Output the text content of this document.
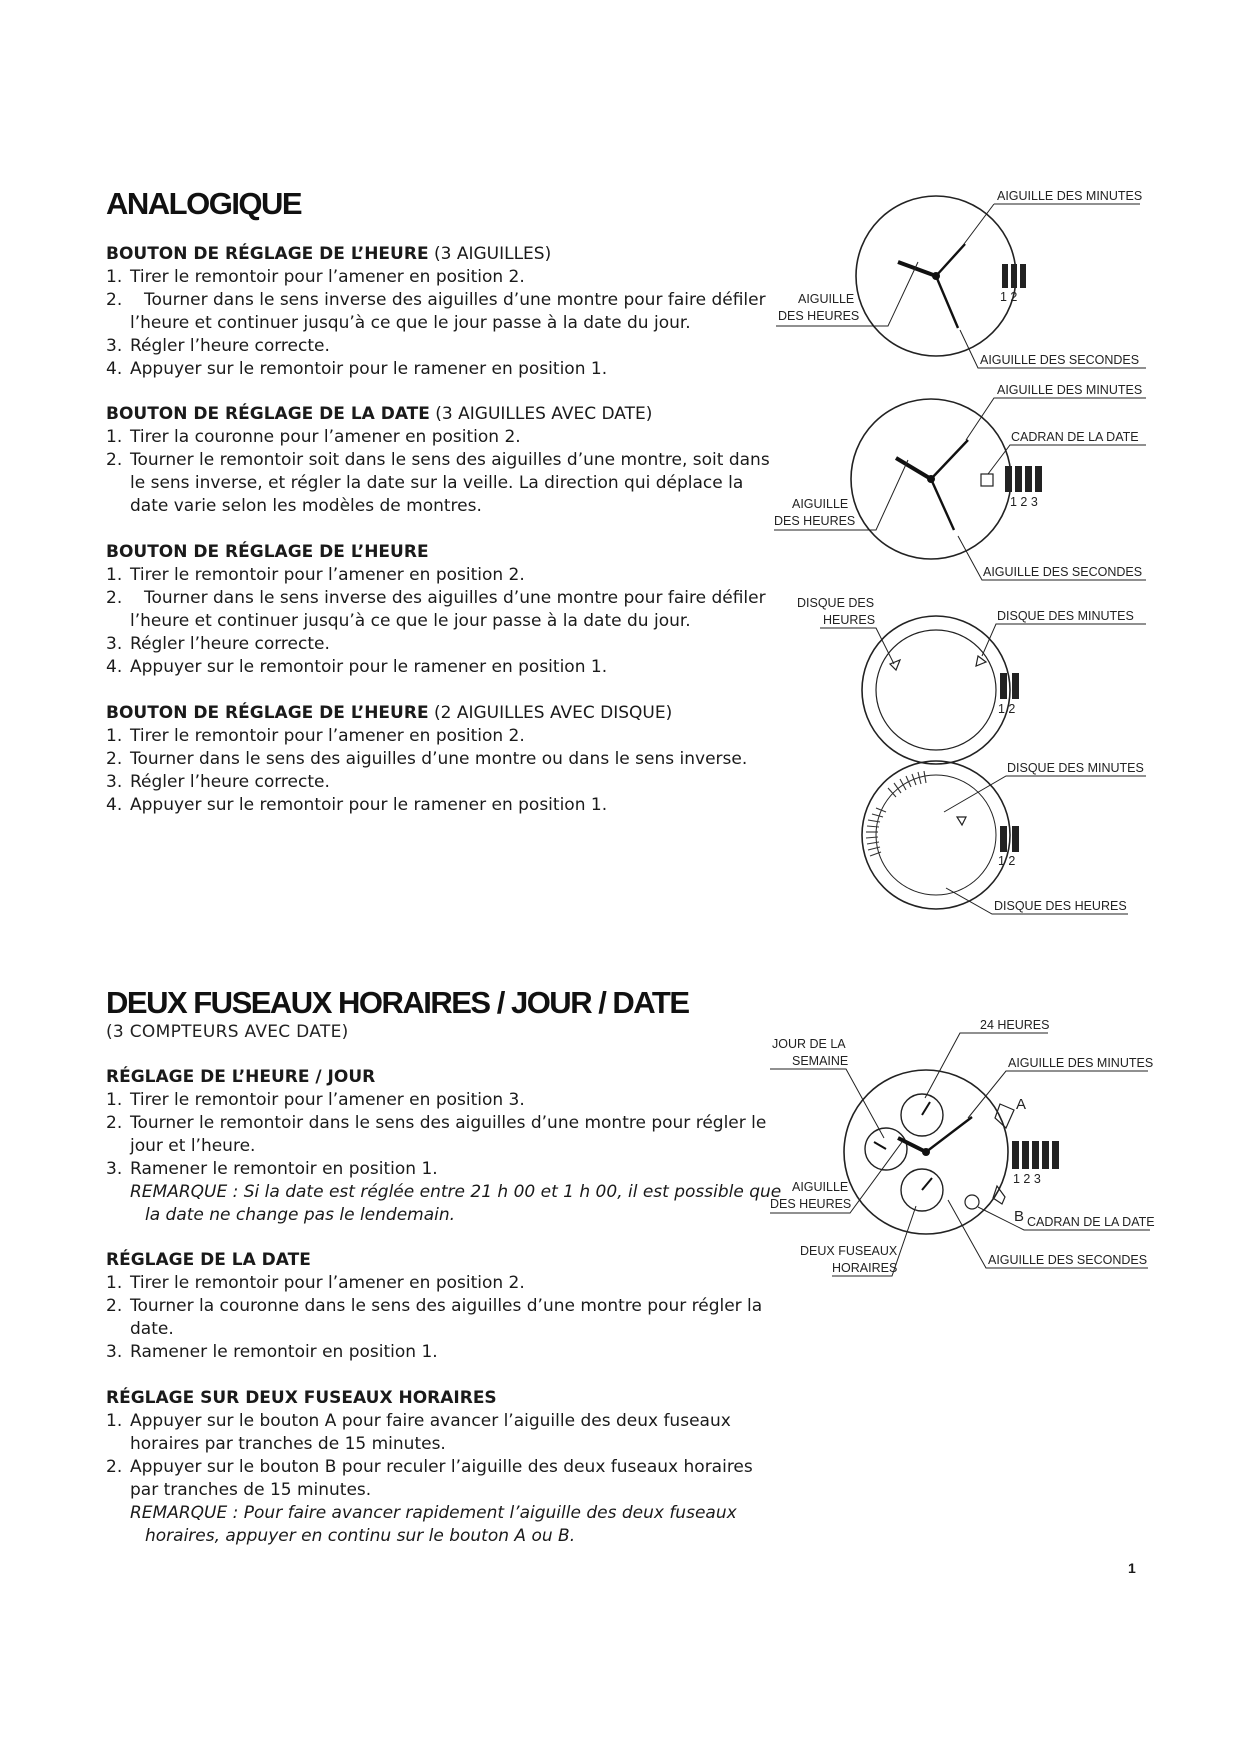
ANALOGIQUE
BOUTON DE RÉGLAGE DE L’HEURE (3 AIGUILLES)
1. Tirer le remontoir pour l’amener en position 2.
2. Tourner dans le sens inverse des aiguilles d’une montre pour faire défiler l’heure et continuer jusqu’à ce que le jour passe à la date du jour.
3. Régler l’heure correcte.
4. Appuyer sur le remontoir pour le ramener en position 1.
BOUTON DE RÉGLAGE DE LA DATE (3 AIGUILLES AVEC DATE)
1. Tirer la couronne pour l’amener en position 2.
2. Tourner le remontoir soit dans le sens des aiguilles d’une montre, soit dans le sens inverse, et régler la date sur la veille. La direction qui déplace la date varie selon les modèles de montres.
BOUTON DE RÉGLAGE DE L’HEURE
1. Tirer le remontoir pour l’amener en position 2.
2. Tourner dans le sens inverse des aiguilles d’une montre pour faire défiler l’heure et continuer jusqu’à ce que le jour passe à la date du jour.
3. Régler l’heure correcte.
4. Appuyer sur le remontoir pour le ramener en position 1.
BOUTON DE RÉGLAGE DE L’HEURE (2 AIGUILLES AVEC DISQUE)
1. Tirer le remontoir pour l’amener en position 2.
2. Tourner dans le sens des aiguilles d’une montre ou dans le sens inverse.
3. Régler l’heure correcte.
4. Appuyer sur le remontoir pour le ramener en position 1.
DEUX FUSEAUX HORAIRES / JOUR / DATE
(3 COMPTEURS AVEC DATE)
RÉGLAGE DE L’HEURE / JOUR
1. Tirer le remontoir pour l’amener en position 3.
2. Tourner le remontoir dans le sens des aiguilles d’une montre pour régler le jour et l’heure.
3. Ramener le remontoir en position 1.
REMARQUE : Si la date est réglée entre 21 h 00 et 1 h 00, il est possible que la date ne change pas le lendemain.
RÉGLAGE DE LA DATE
1. Tirer le remontoir pour l’amener en position 2.
2. Tourner la couronne dans le sens des aiguilles d’une montre pour régler la date.
3. Ramener le remontoir en position 1.
RÉGLAGE SUR DEUX FUSEAUX HORAIRES
1. Appuyer sur le bouton A pour faire avancer l’aiguille des deux fuseaux horaires par tranches de 15 minutes.
2. Appuyer sur le bouton B pour reculer l’aiguille des deux fuseaux horaires par tranches de 15 minutes.
REMARQUE : Pour faire avancer rapidement l’aiguille des deux fuseaux horaires, appuyer en continu sur le bouton A ou B.
1
1 2
AIGUILLE DES MINUTES
AIGUILLE
DES HEURES
AIGUILLE DES SECONDES
1 2 3
AIGUILLE DES MINUTES
CADRAN DE LA DATE
AIGUILLE
DES HEURES
AIGUILLE DES SECONDES
1 2
DISQUE DES
HEURES	DISQUE DES MINUTES
1 2
DISQUE DES MINUTES
DISQUE DES HEURES
A
B
1 2 3
24 HEURES
JOUR DE LA
SEMAINE	AIGUILLE DES MINUTES
AIGUILLE
DES HEURES
CADRAN DE LA DATE
DEUX FUSEAUX
HORAIRES
AIGUILLE DES SECONDES
